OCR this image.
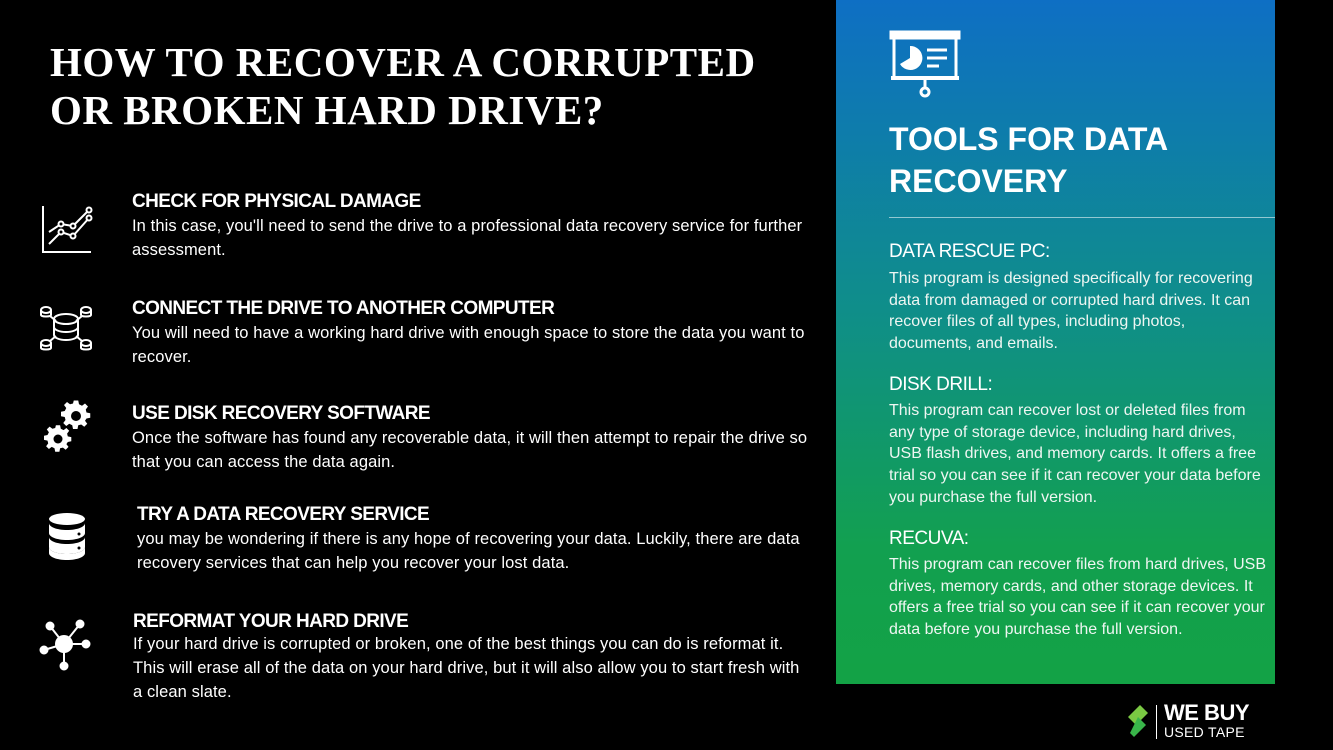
HOW TO RECOVER A CORRUPTED OR BROKEN HARD DRIVE?
CHECK FOR PHYSICAL DAMAGE
In this case, you'll need to send the drive to a professional data recovery service for further assessment.
CONNECT THE DRIVE TO ANOTHER COMPUTER
You will need to have a working hard drive with enough space to store the data you want to recover.
USE DISK RECOVERY SOFTWARE
Once the software has found any recoverable data, it will then attempt to repair the drive so that you can access the data again.
TRY A DATA RECOVERY SERVICE
you may be wondering if there is any hope of recovering your data. Luckily, there are data recovery services that can help you recover your lost data.
REFORMAT YOUR HARD DRIVE
If your hard drive is corrupted or broken, one of the best things you can do is reformat it. This will erase all of the data on your hard drive, but it will also allow you to start fresh with a clean slate.
TOOLS FOR DATA RECOVERY
DATA RESCUE PC:
This program is designed specifically for recovering data from damaged or corrupted hard drives. It can recover files of all types, including photos, documents, and emails.
DISK DRILL:
This program can recover lost or deleted files from any type of storage device, including hard drives, USB flash drives, and memory cards. It offers a free trial so you can see if it can recover your data before you purchase the full version.
RECUVA:
This program can recover files from hard drives, USB drives, memory cards, and other storage devices. It offers a free trial so you can see if it can recover your data before you purchase the full version.
WE BUY
USED TAPE
